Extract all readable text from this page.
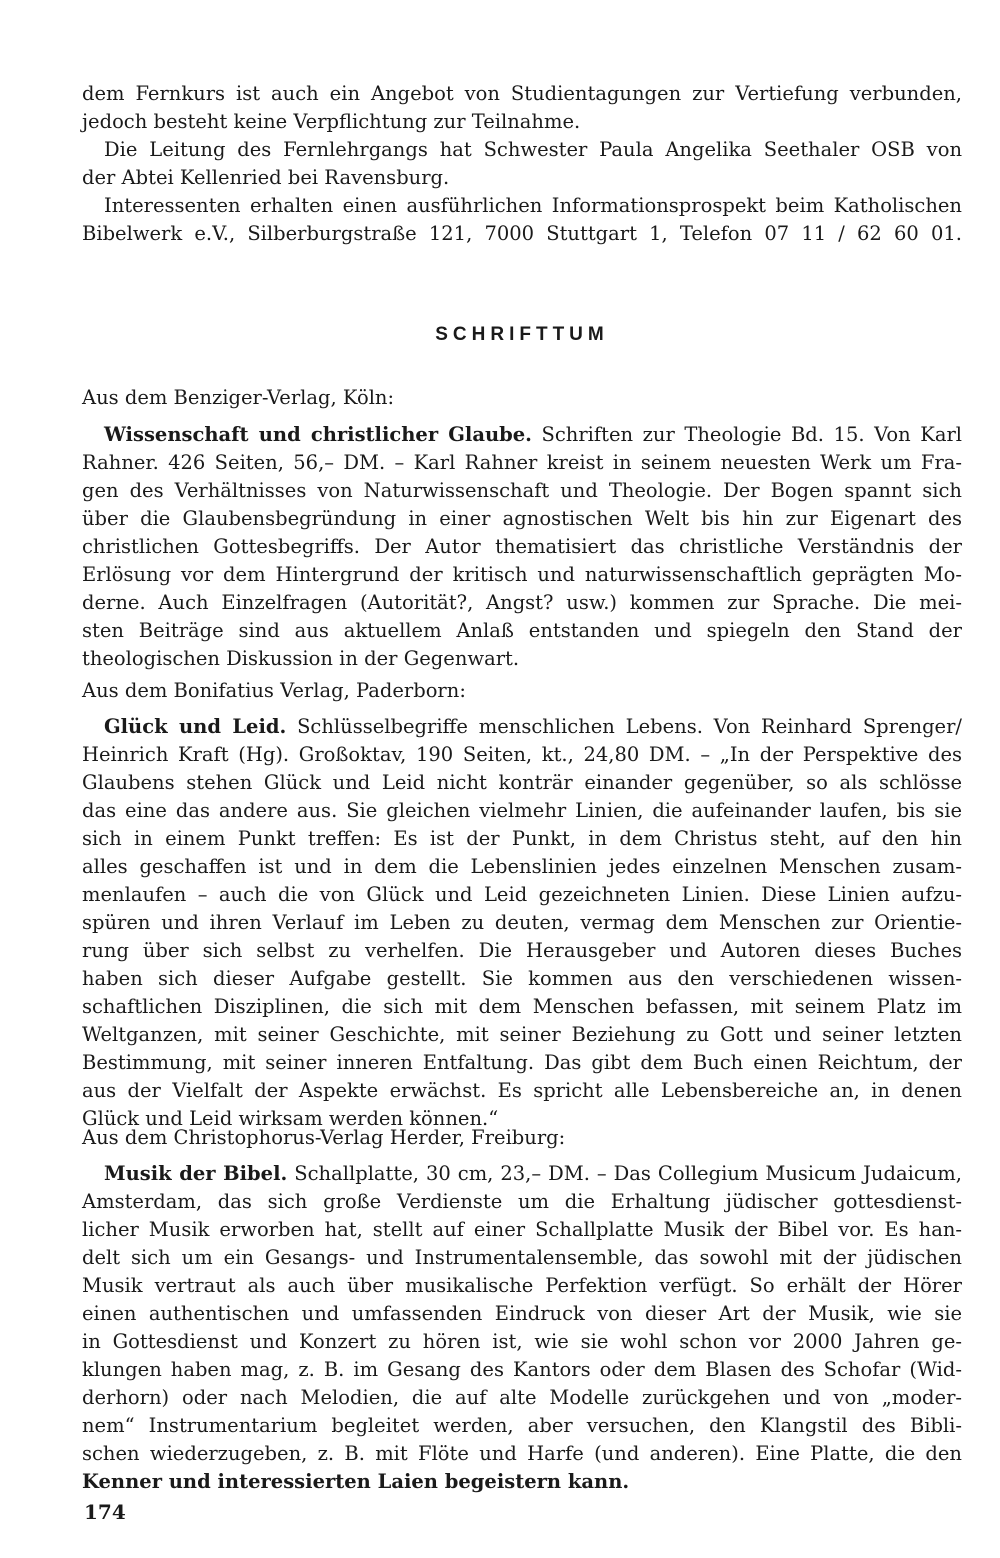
dem Fernkurs ist auch ein Angebot von Studientagungen zur Vertiefung verbunden,
jedoch besteht keine Verpflichtung zur Teilnahme.
Die Leitung des Fernlehrgangs hat Schwester Paula Angelika Seethaler OSB von
der Abtei Kellenried bei Ravensburg.
Interessenten erhalten einen ausführlichen Informationsprospekt beim Katholischen
Bibelwerk e.V., Silberburgstraße 121, 7000 Stuttgart 1, Telefon 07 11 / 62 60 01.
SCHRIFTTUM

Aus dem Benziger-Verlag, Köln:

Wissenschaft und christlicher Glaube. Schriften zur Theologie Bd. 15. Von Karl
Rahner. 426 Seiten, 56,– DM. – Karl Rahner kreist in seinem neuesten Werk um Fra-
gen des Verhältnisses von Naturwissenschaft und Theologie. Der Bogen spannt sich
über die Glaubensbegründung in einer agnostischen Welt bis hin zur Eigenart des
christlichen Gottesbegriffs. Der Autor thematisiert das christliche Verständnis der
Erlösung vor dem Hintergrund der kritisch und naturwissenschaftlich geprägten Mo-
derne. Auch Einzelfragen (Autorität?, Angst? usw.) kommen zur Sprache. Die mei-
sten Beiträge sind aus aktuellem Anlaß entstanden und spiegeln den Stand der
theologischen Diskussion in der Gegenwart.

Aus dem Bonifatius Verlag, Paderborn:

Glück und Leid. Schlüsselbegriffe menschlichen Lebens. Von Reinhard Sprenger/
Heinrich Kraft (Hg). Großoktav, 190 Seiten, kt., 24,80 DM. – „In der Perspektive des
Glaubens stehen Glück und Leid nicht konträr einander gegenüber, so als schlösse
das eine das andere aus. Sie gleichen vielmehr Linien, die aufeinander laufen, bis sie
sich in einem Punkt treffen: Es ist der Punkt, in dem Christus steht, auf den hin
alles geschaffen ist und in dem die Lebenslinien jedes einzelnen Menschen zusam-
menlaufen – auch die von Glück und Leid gezeichneten Linien. Diese Linien aufzu-
spüren und ihren Verlauf im Leben zu deuten, vermag dem Menschen zur Orientie-
rung über sich selbst zu verhelfen. Die Herausgeber und Autoren dieses Buches
haben sich dieser Aufgabe gestellt. Sie kommen aus den verschiedenen wissen-
schaftlichen Disziplinen, die sich mit dem Menschen befassen, mit seinem Platz im
Weltganzen, mit seiner Geschichte, mit seiner Beziehung zu Gott und seiner letzten
Bestimmung, mit seiner inneren Entfaltung. Das gibt dem Buch einen Reichtum, der
aus der Vielfalt der Aspekte erwächst. Es spricht alle Lebensbereiche an, in denen
Glück und Leid wirksam werden können.“

Aus dem Christophorus-Verlag Herder, Freiburg:

Musik der Bibel. Schallplatte, 30 cm, 23,– DM. – Das Collegium Musicum Judaicum,
Amsterdam, das sich große Verdienste um die Erhaltung jüdischer gottesdienst-
licher Musik erworben hat, stellt auf einer Schallplatte Musik der Bibel vor. Es han-
delt sich um ein Gesangs- und Instrumentalensemble, das sowohl mit der jüdischen
Musik vertraut als auch über musikalische Perfektion verfügt. So erhält der Hörer
einen authentischen und umfassenden Eindruck von dieser Art der Musik, wie sie
in Gottesdienst und Konzert zu hören ist, wie sie wohl schon vor 2000 Jahren ge-
klungen haben mag, z. B. im Gesang des Kantors oder dem Blasen des Schofar (Wid-
derhorn) oder nach Melodien, die auf alte Modelle zurückgehen und von „moder-
nem“ Instrumentarium begleitet werden, aber versuchen, den Klangstil des Bibli-
schen wiederzugeben, z. B. mit Flöte und Harfe (und anderen). Eine Platte, die den
Kenner und interessierten Laien begeistern kann.

174
